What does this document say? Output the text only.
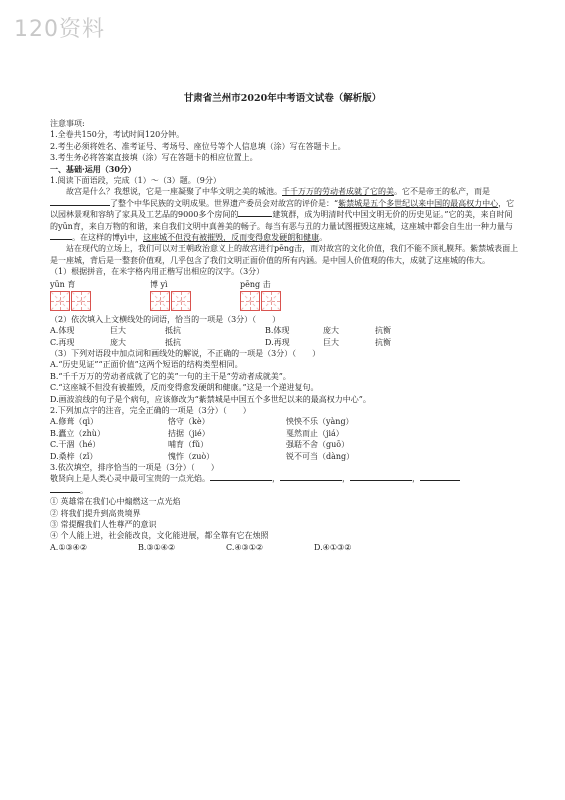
120资料
甘肃省兰州市2020年中考语文试卷（解析版）

注意事项:

1.全卷共150分，考试时间120分钟。

2.考生必须将姓名、准考证号、考场号、座位号等个人信息填（涂）写在答题卡上。

3.考生务必将答案直接填（涂）写在答题卡的相应位置上。

一、基础·运用（30分）

1.阅读下面语段，完成（1）～（3）题。（9分）

故宫是什么？我想说，它是一座凝聚了中华文明之美的城池。千千万万的劳动者成就了它的美。它不是帝王的私产，而是了整个中华民族的文明成果。世界遗产委员会对故宫的评价是：“紫禁城是五个多世纪以来中国的最高权力中心，它以园林景观和容纳了家具及工艺品的9000多个房间的	建筑群，成为明清时代中国文明无价的历史见证。”它的美，来自时间的yūn育，来自万物的和谐，来自我们文明中真善美的畅子。每当有恶与丑的力量试图摧毁这座城，这座城中都会自生出一种力量与。在这样的博yì中，这座城不但没有被摧毁，反而变得愈发硬朗和健康。

站在现代的立场上，我们可以对王朝政治意义上的故宫进行pēng击，而对故宫的文化价值，我们不能不顶礼膜拜。紫禁城表面上是一座城，背后是一整套价值观，几乎包含了我们文明正面价值的所有内涵。是中国人价值观的伟大，成就了这座城的伟大。

（1）根据拼音，在米字格内用正楷写出相应的汉字。（3分）

yūn 育	博 yì	pēng 击

（2）依次填入上文横线处的词语，恰当的一项是（3分）（　　）

A.体现	巨大	抵抗	B.体现	庞大	抗衡
C.再现	庞大	抵抗	D.再现	巨大	抗衡

（3）下列对语段中加点词和画线处的解说，不正确的一项是（3分）（　　）

A.“历史见证”“正面价值”这两个短语的结构类型相同。

B.“千千万万的劳动者成就了它的美”一句的主干是“劳动者成就美”。

C.“这座城不但没有被摧毁，反而变得愈发硬朗和健康。”这是一个递进复句。

D.画波浪线的句子是个病句，应该修改为“紫禁城是中国五个多世纪以来的最高权力中心”。

2.下列加点字的注音，完全正确的一项是（3分）（　　）

A.修葺（qì）	恪守（kè）	怏怏不乐（yàng）
B.蠹立（zhù）	拮据（jié）	戛然而止（jiá）
C.干涸（hé）	哺育（fǔ）	强聒不舍（guō）
D.桑梓（zǐ）	愧怍（zuò）	锐不可当（dàng）

3.依次填空，排序恰当的一项是（3分）（　　）

敬贤向上是人类心灵中最可宝贵的一点光焰。	，	，	，

。

① 英雄常在我们心中煽燃这一点光焰

② 将我们提升到高贵境界

③ 常提醒我们人性尊严的意识

④ 个人能上进，社会能改良，文化能进展，都全靠有它在烛照

A.①③④②	B.③①④②	C.④③①②	D.④①③②
